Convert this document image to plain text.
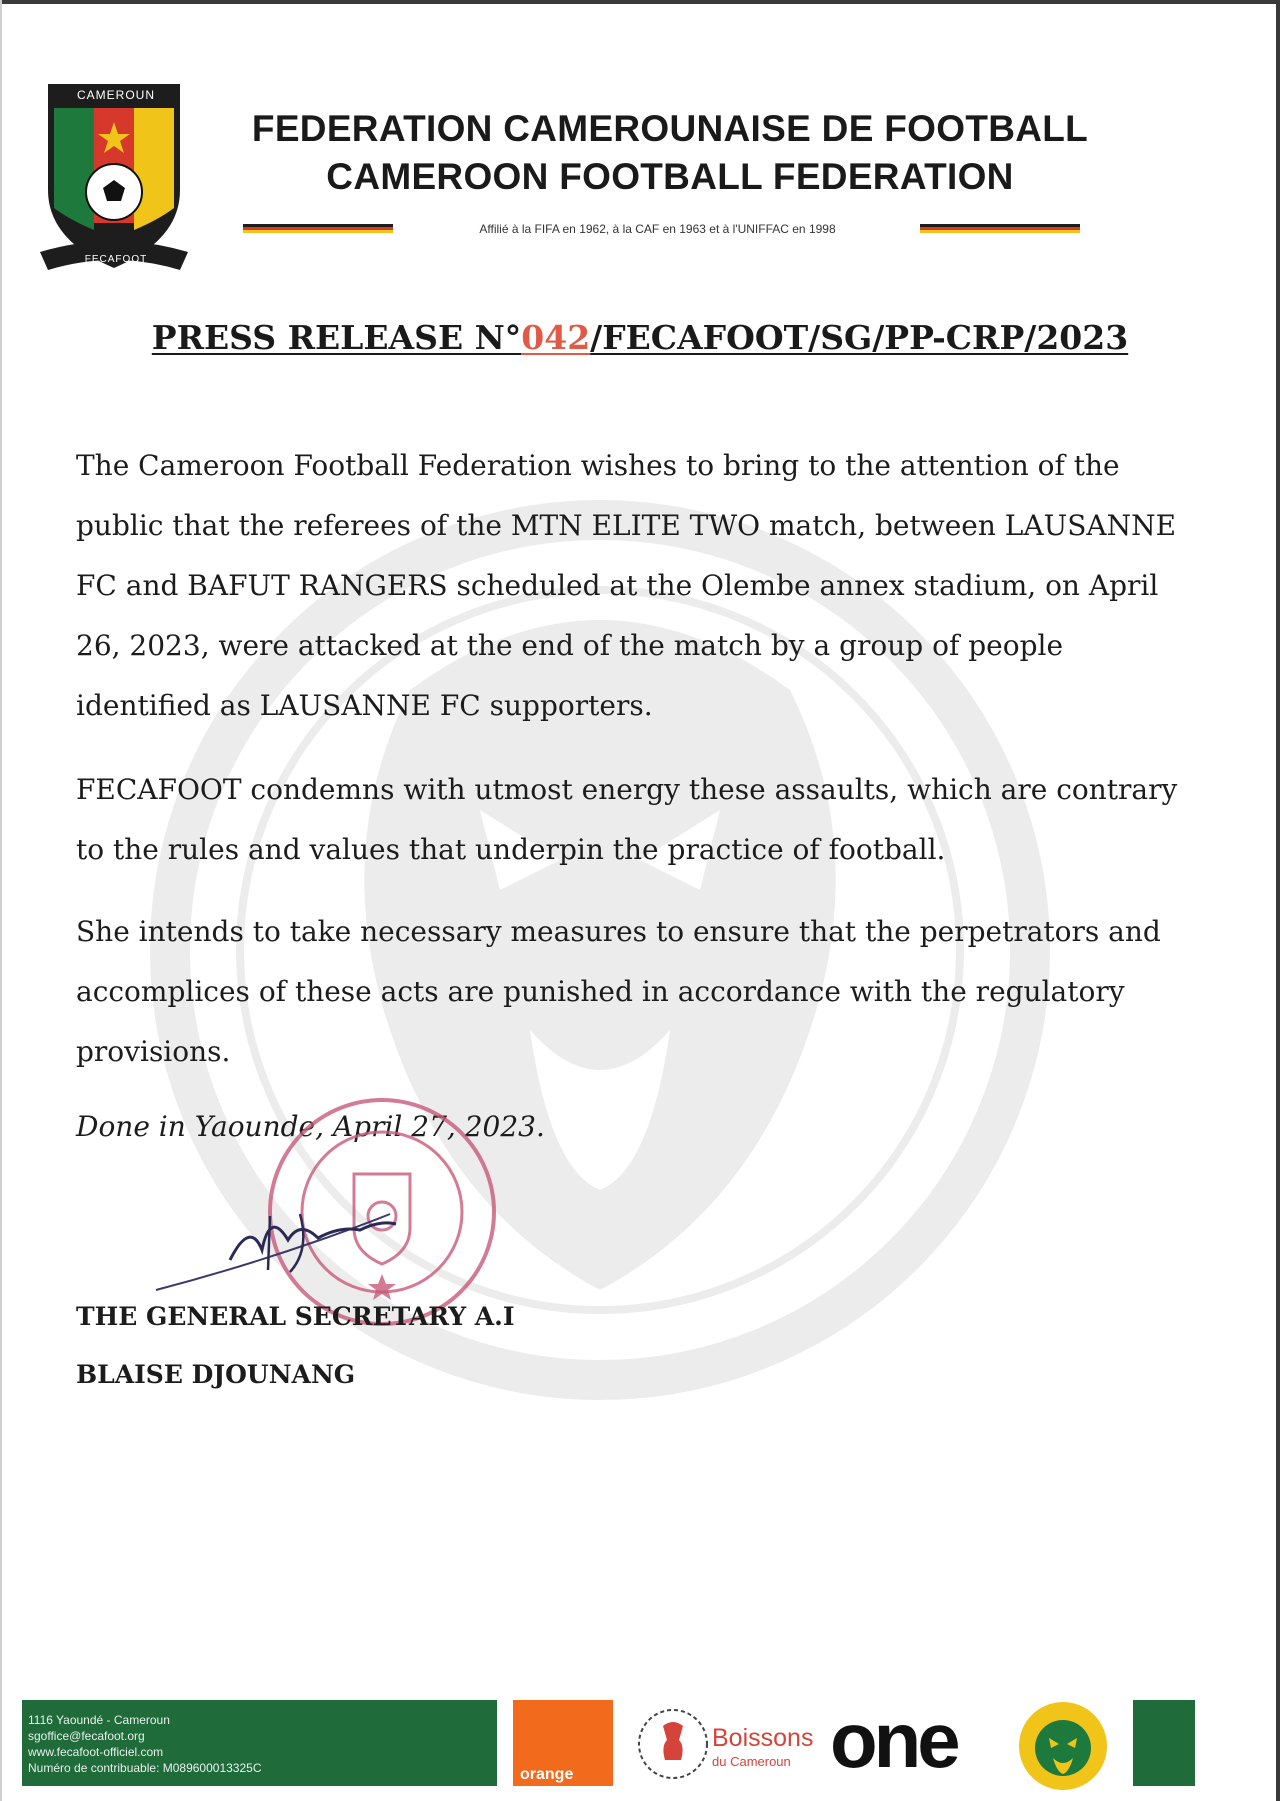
CAMEROUN
FECAFOOT
FEDERATION CAMEROUNAISE DE FOOTBALL
CAMEROON FOOTBALL FEDERATION
Affilié à la FIFA en 1962, à la CAF en 1963 et à l'UNIFFAC en 1998
PRESS RELEASE N°042/FECAFOOT/SG/PP-CRP/2023

The Cameroon Football Federation wishes to bring to the attention of the public that the referees of the MTN ELITE TWO match, between LAUSANNE FC and BAFUT RANGERS scheduled at the Olembe annex stadium, on April 26, 2023, were attacked at the end of the match by a group of people identified as LAUSANNE FC supporters.

FECAFOOT condemns with utmost energy these assaults, which are contrary to the rules and values that underpin the practice of football.

She intends to take necessary measures to ensure that the perpetrators and accomplices of these acts are punished in accordance with the regulatory provisions.

Done in Yaounde, April 27, 2023.
THE GENERAL SECRETARY A.I
BLAISE DJOUNANG
1116 Yaoundé - Cameroun
sgoffice@fecafoot.org
www.fecafoot-officiel.com
Numéro de contribuable: M089600013325C	orange
Boissons
du Cameroun one
